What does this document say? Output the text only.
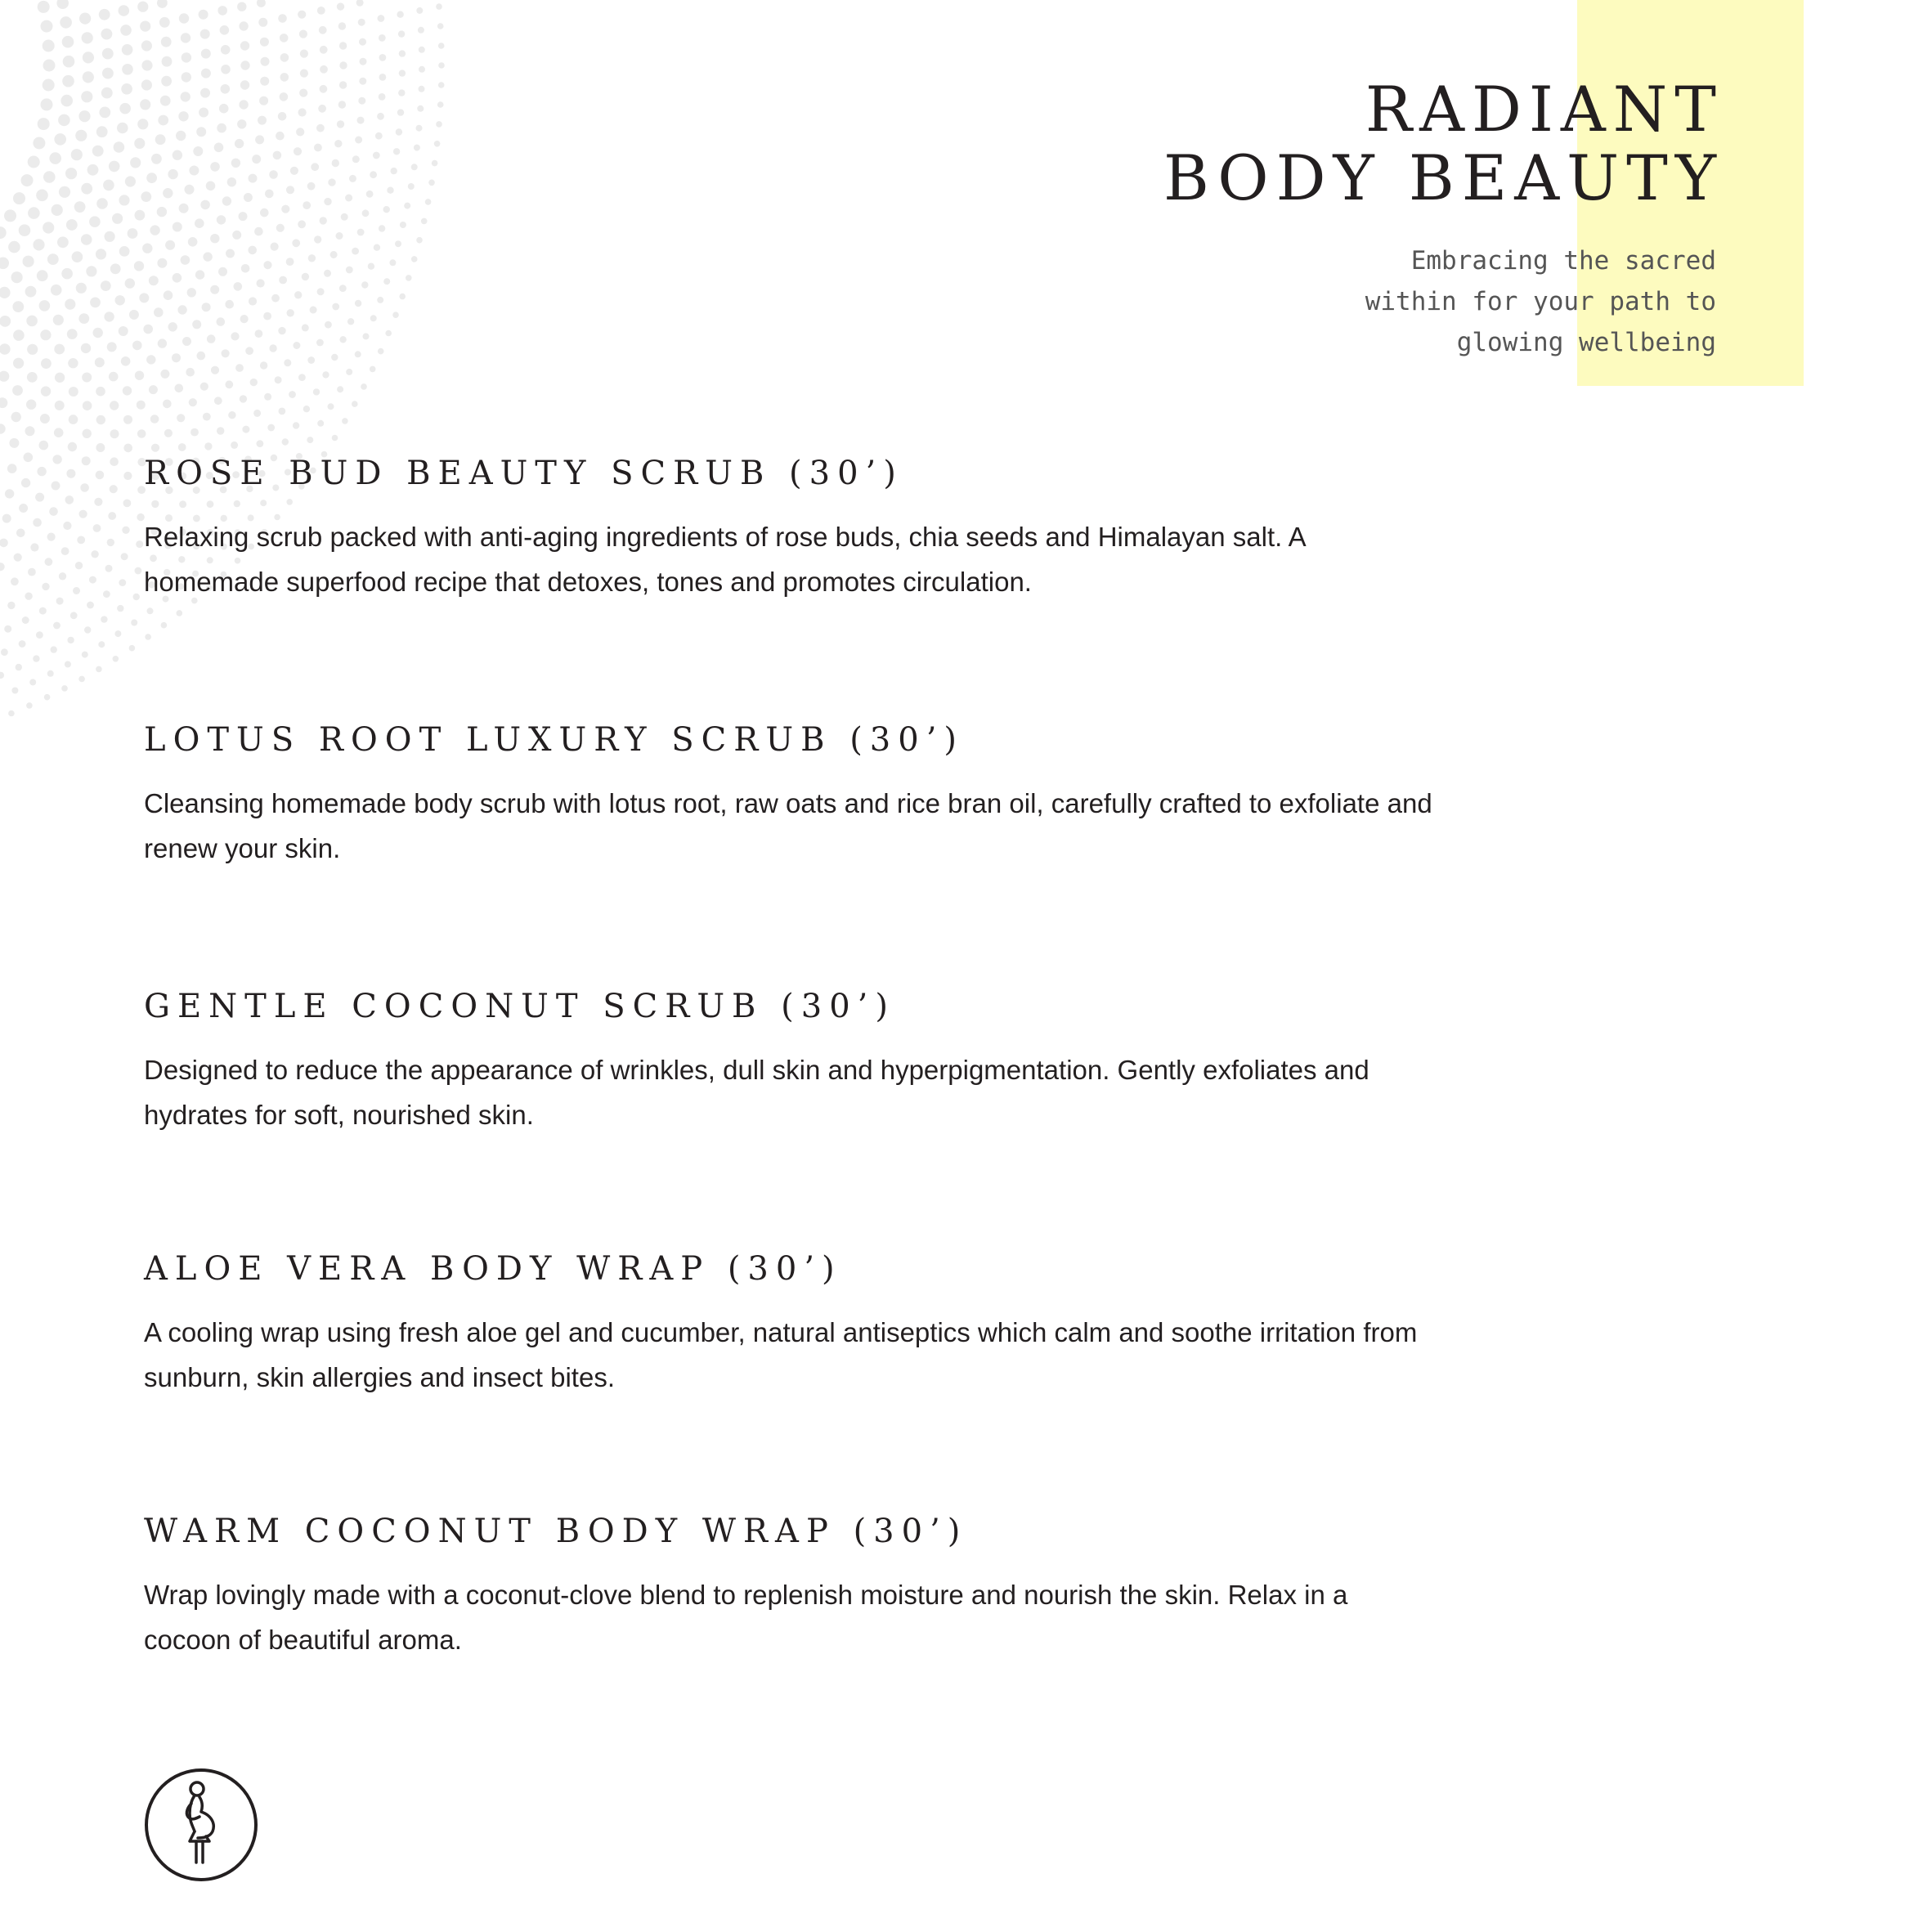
RADIANT
BODY BEAUTY
Embracing the sacred
within for your path to
glowing wellbeing
ROSE BUD BEAUTY SCRUB (30’)
Relaxing scrub packed with anti-aging ingredients of rose buds, chia seeds and Himalayan salt. A homemade superfood recipe that detoxes, tones and promotes circulation.
LOTUS ROOT LUXURY SCRUB (30’)
Cleansing homemade body scrub with lotus root, raw oats and rice bran oil, carefully crafted to exfoliate and renew your skin.
GENTLE COCONUT SCRUB (30’)
Designed to reduce the appearance of wrinkles, dull skin and hyperpigmentation. Gently exfoliates and hydrates for soft, nourished skin.
ALOE VERA BODY WRAP (30’)
A cooling wrap using fresh aloe gel and cucumber, natural antiseptics which calm and soothe irritation from sunburn, skin allergies and insect bites.
WARM COCONUT BODY WRAP (30’)
Wrap lovingly made with a coconut-clove blend to replenish moisture and nourish the skin. Relax in a cocoon of beautiful aroma.
